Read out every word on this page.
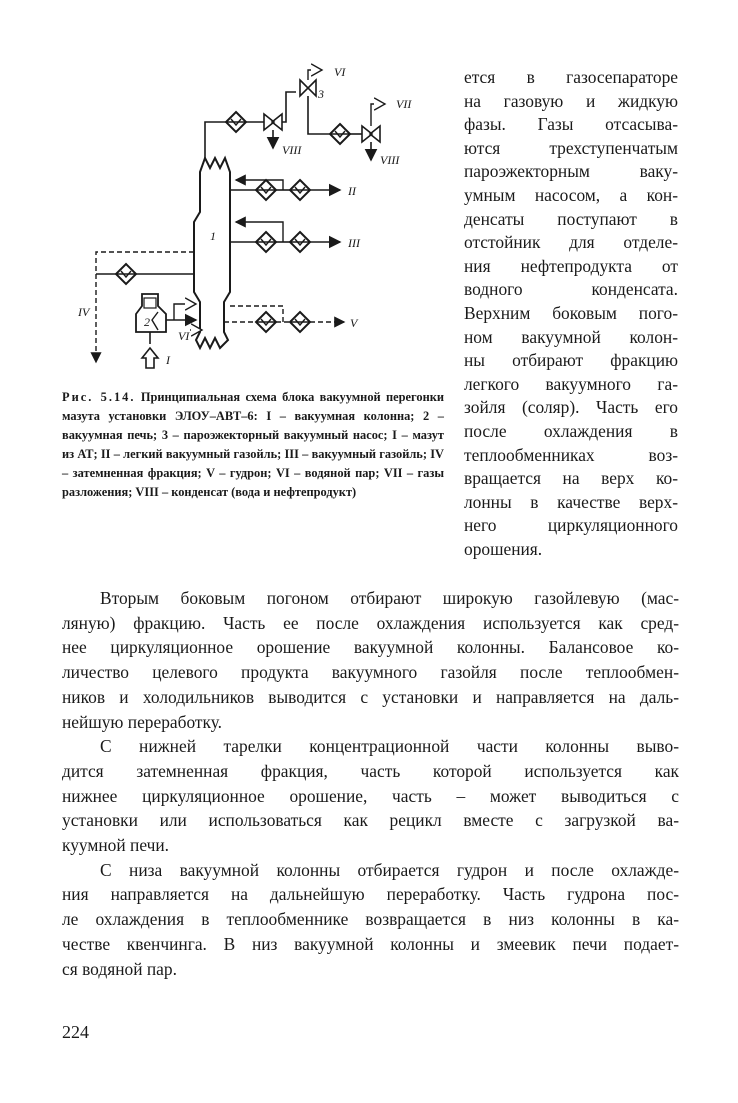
1
VIII
3
VI
VII
VIII
II
III
IV
2
I
VI
V
Рис. 5.14. Принципиальная схема блока вакуумной перегонки мазута установки ЭЛОУ–АВТ–6: I – вакуумная колонна; 2 – вакуумная печь; 3 – пароэжекторный вакуумный насос; I – мазут из АТ; II – легкий вакуумный газойль; III – вакуумный газойль; IV – затемненная фракция; V – гудрон; VI – водяной пар; VII – газы разложения; VIII – конденсат (вода и нефтепродукт)

ется в газосепараторе

на газовую и жидкую

фазы. Газы отсасыва-

ются трехступенчатым

пароэжекторным ваку-

умным насосом, а кон-

денсаты поступают в

отстойник для отделе-

ния нефтепродукта от

водного конденсата.

Верхним боковым пого-

ном вакуумной колон-

ны отбирают фракцию

легкого вакуумного га-

зойля (соляр). Часть его

после охлаждения в

теплообменниках воз-

вращается на верх ко-

лонны в качестве верх-

него циркуляционного

орошения.

Вторым боковым погоном отбирают широкую газойлевую (мас-
ляную) фракцию. Часть ее после охлаждения используется как сред-
нее циркуляционное орошение вакуумной колонны. Балансовое ко-
личество целевого продукта вакуумного газойля после теплообмен-
ников и холодильников выводится с установки и направляется на даль-
нейшую переработку.

С нижней тарелки концентрационной части колонны выво-
дится затемненная фракция, часть которой используется как
нижнее циркуляционное орошение, часть – может выводиться с
установки или использоваться как рецикл вместе с загрузкой ва-
куумной печи.

С низа вакуумной колонны отбирается гудрон и после охлажде-
ния направляется на дальнейшую переработку. Часть гудрона пос-
ле охлаждения в теплообменнике возвращается в низ колонны в ка-
честве квенчинга. В низ вакуумной колонны и змеевик печи подает-
ся водяной пар.

224
